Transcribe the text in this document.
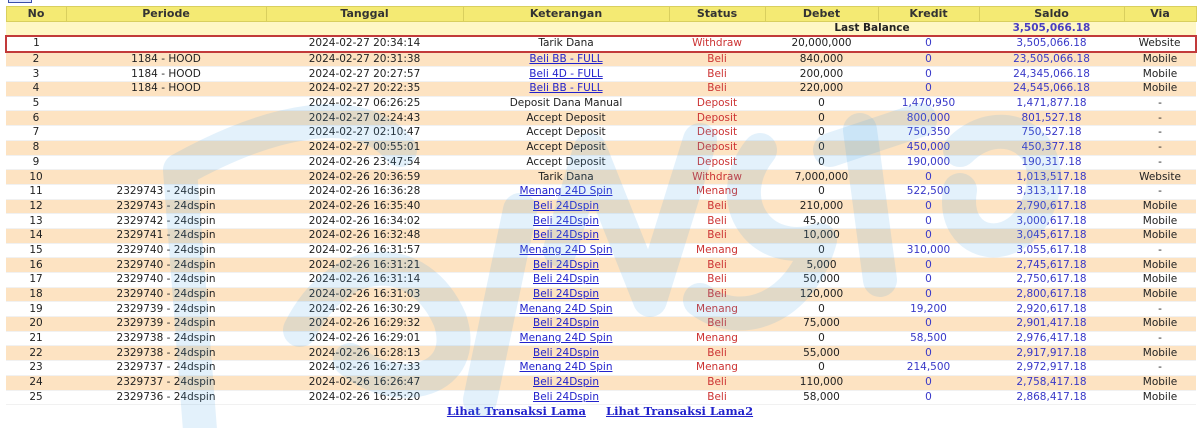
No	Periode	Tanggal	Keterangan	Status	Debet	Kredit	Saldo	Via
					Last Balance		3,505,066.18	
1		2024-02-27 20:34:14	Tarik Dana	Withdraw	20,000,000	0	3,505,066.18	Website
2	1184 - HOOD	2024-02-27 20:31:38	Beli BB - FULL	Beli	840,000	0	23,505,066.18	Mobile
3	1184 - HOOD	2024-02-27 20:27:57	Beli 4D - FULL	Beli	200,000	0	24,345,066.18	Mobile
4	1184 - HOOD	2024-02-27 20:22:35	Beli BB - FULL	Beli	220,000	0	24,545,066.18	Mobile
5		2024-02-27 06:26:25	Deposit Dana Manual	Deposit	0	1,470,950	1,471,877.18	-
6		2024-02-27 02:24:43	Accept Deposit	Deposit	0	800,000	801,527.18	-
7		2024-02-27 02:10:47	Accept Deposit	Deposit	0	750,350	750,527.18	-
8		2024-02-27 00:55:01	Accept Deposit	Deposit	0	450,000	450,377.18	-
9		2024-02-26 23:47:54	Accept Deposit	Deposit	0	190,000	190,317.18	-
10		2024-02-26 20:36:59	Tarik Dana	Withdraw	7,000,000	0	1,013,517.18	Website
11	2329743 - 24dspin	2024-02-26 16:36:28	Menang 24D Spin	Menang	0	522,500	3,313,117.18	-
12	2329743 - 24dspin	2024-02-26 16:35:40	Beli 24Dspin	Beli	210,000	0	2,790,617.18	Mobile
13	2329742 - 24dspin	2024-02-26 16:34:02	Beli 24Dspin	Beli	45,000	0	3,000,617.18	Mobile
14	2329741 - 24dspin	2024-02-26 16:32:48	Beli 24Dspin	Beli	10,000	0	3,045,617.18	Mobile
15	2329740 - 24dspin	2024-02-26 16:31:57	Menang 24D Spin	Menang	0	310,000	3,055,617.18	-
16	2329740 - 24dspin	2024-02-26 16:31:21	Beli 24Dspin	Beli	5,000	0	2,745,617.18	Mobile
17	2329740 - 24dspin	2024-02-26 16:31:14	Beli 24Dspin	Beli	50,000	0	2,750,617.18	Mobile
18	2329740 - 24dspin	2024-02-26 16:31:03	Beli 24Dspin	Beli	120,000	0	2,800,617.18	Mobile
19	2329739 - 24dspin	2024-02-26 16:30:29	Menang 24D Spin	Menang	0	19,200	2,920,617.18	-
20	2329739 - 24dspin	2024-02-26 16:29:32	Beli 24Dspin	Beli	75,000	0	2,901,417.18	Mobile
21	2329738 - 24dspin	2024-02-26 16:29:01	Menang 24D Spin	Menang	0	58,500	2,976,417.18	-
22	2329738 - 24dspin	2024-02-26 16:28:13	Beli 24Dspin	Beli	55,000	0	2,917,917.18	Mobile
23	2329737 - 24dspin	2024-02-26 16:27:33	Menang 24D Spin	Menang	0	214,500	2,972,917.18	-
24	2329737 - 24dspin	2024-02-26 16:26:47	Beli 24Dspin	Beli	110,000	0	2,758,417.18	Mobile
25	2329736 - 24dspin	2024-02-26 16:25:20	Beli 24Dspin	Beli	58,000	0	2,868,417.18	Mobile
Lihat Transaksi Lama Lihat Transaksi Lama2
